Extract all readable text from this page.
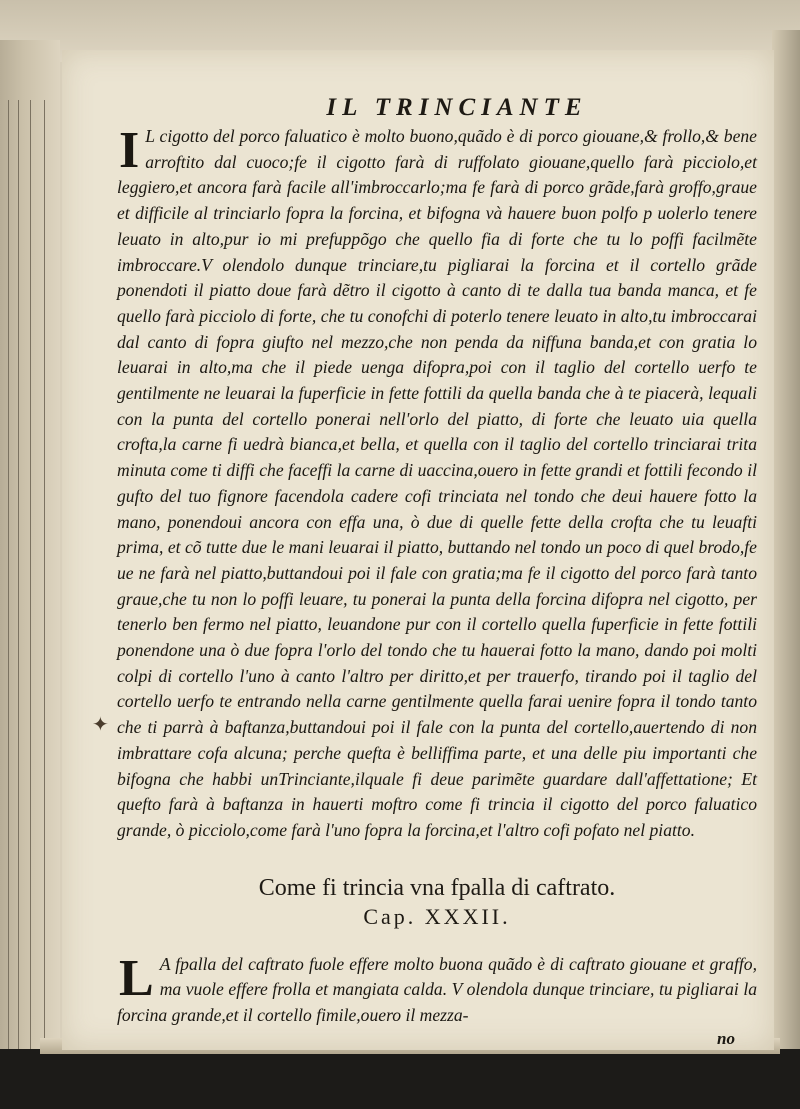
IL TRINCIANTE

I L cigotto del porco faluatico è molto buono,quãdo è di porco giouane,& frollo,& bene arroftito dal cuoco;fe il cigotto farà di ruffolato giouane,quello farà picciolo,et leggiero,et ancora farà facile all'imbroccarlo;ma fe farà di porco grãde,farà groffo,graue et difficile al trinciarlo fopra la forcina, et bifogna và hauere buon polfo p uolerlo tenere leuato in alto,pur io mi prefuppõgo che quello fia di forte che tu lo poffi facilmẽte imbroccare.V olendolo dunque trinciare,tu pigliarai la forcina et il cortello grãde ponendoti il piatto doue farà dẽtro il cigotto à canto di te dalla tua banda manca, et fe quello farà picciolo di forte, che tu conofchi di poterlo tenere leuato in alto,tu imbroccarai dal canto di fopra giufto nel mezzo,che non penda da niffuna banda,et con gratia lo leuarai in alto,ma che il piede uenga difopra,poi con il taglio del cortello uerfo te gentilmente ne leuarai la fuperficie in fette fottili da quella banda che à te piacerà, lequali con la punta del cortello ponerai nell'orlo del piatto, di forte che leuato uia quella crofta,la carne fi uedrà bianca,et bella, et quella con il taglio del cortello trinciarai trita minuta come ti diffi che faceffi la carne di uaccina,ouero in fette grandi et fottili fecondo il gufto del tuo fignore facendola cadere cofi trinciata nel tondo che deui hauere fotto la mano, ponendoui ancora con effa una, ò due di quelle fette della crofta che tu leuafti prima, et cõ tutte due le mani leuarai il piatto, buttando nel tondo un poco di quel brodo,fe ue ne farà nel piatto,buttandoui poi il fale con gratia;ma fe il cigotto del porco farà tanto graue,che tu non lo poffi leuare, tu ponerai la punta della forcina difopra nel cigotto, per tenerlo ben fermo nel piatto, leuandone pur con il cortello quella fuperficie in fette fottili ponendone una ò due fopra l'orlo del tondo che tu hauerai fotto la mano, dando poi molti colpi di cortello l'uno à canto l'altro per diritto,et per trauerfo, tirando poi il taglio del cortello uerfo te entrando nella carne gentilmente quella farai uenire fopra il tondo tanto che ti parrà à baftanza,buttandoui poi il fale con la punta del cortello,auertendo di non imbrattare cofa alcuna; perche quefta è belliffima parte, et una delle piu importanti che bifogna che habbi unTrinciante,ilquale fi deue parimẽte guardare dall'affettatione; Et quefto farà à baftanza in hauerti moftro come fi trincia il cigotto del porco faluatico grande, ò picciolo,come farà l'uno fopra la forcina,et l'altro cofi pofato nel piatto.

Come fi trincia vna fpalla di caftrato.
Cap. XXXII.

L A fpalla del caftrato fuole effere molto buona quãdo è di caftrato giouane et graffo, ma vuole effere frolla et mangiata calda. V olendola dunque trinciare, tu pigliarai la forcina grande,et il cortello fimile,ouero il mezza-

no
✦
